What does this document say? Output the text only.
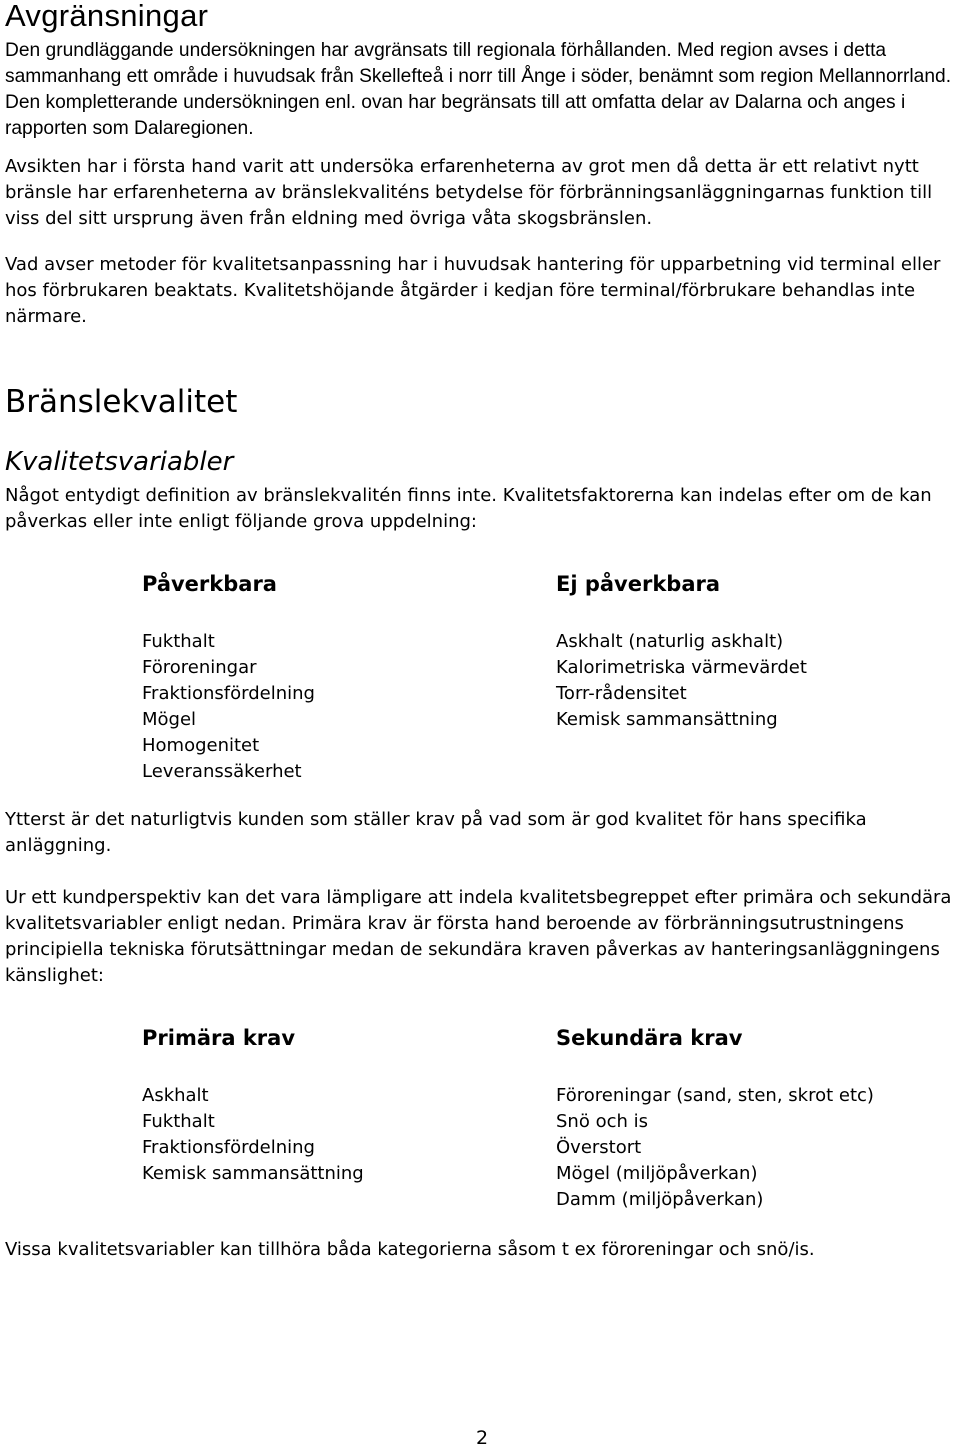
Avgränsningar

Den grundläggande undersökningen har avgränsats till regionala förhållanden. Med region avses i detta sammanhang ett område i huvudsak från Skellefteå i norr till Ånge i söder, benämnt som region Mellannorrland. Den kompletterande undersökningen enl. ovan har begränsats till att omfatta delar av Dalarna och anges i rapporten som Dalaregionen.

Avsikten har i första hand varit att undersöka erfarenheterna av grot men då detta är ett relativt nytt bränsle har erfarenheterna av bränslekvaliténs betydelse för förbränningsanläggningarnas funktion till viss del sitt ursprung även från eldning med övriga våta skogsbränslen.

Vad avser metoder för kvalitetsanpassning har i huvudsak hantering för upparbetning vid terminal eller hos förbrukaren beaktats. Kvalitetshöjande åtgärder i kedjan före terminal/förbrukare behandlas inte närmare.

Bränslekvalitet
Kvalitetsvariabler

Något entydigt definition av bränslekvalitén finns inte. Kvalitetsfaktorerna kan indelas efter om de kan påverkas eller inte enligt följande grova uppdelning:

Påverkbara

Fukthalt
Föroreningar
Fraktionsfördelning
Mögel
Homogenitet
Leveranssäkerhet

Ej påverkbara

Askhalt (naturlig askhalt)
Kalorimetriska värmevärdet
Torr-rådensitet
Kemisk sammansättning

Ytterst är det naturligtvis kunden som ställer krav på vad som är god kvalitet för hans specifika anläggning.

Ur ett kundperspektiv kan det vara lämpligare att indela kvalitetsbegreppet efter primära och sekundära kvalitetsvariabler enligt nedan. Primära krav är första hand beroende av förbränningsutrustningens principiella tekniska förutsättningar medan de sekundära kraven påverkas av hanteringsanläggningens känslighet:

Primära krav

Askhalt
Fukthalt
Fraktionsfördelning
Kemisk sammansättning

Sekundära krav

Föroreningar (sand, sten, skrot etc)
Snö och is
Överstort
Mögel (miljöpåverkan)
Damm (miljöpåverkan)

Vissa kvalitetsvariabler kan tillhöra båda kategorierna såsom t ex föroreningar och snö/is.

2
